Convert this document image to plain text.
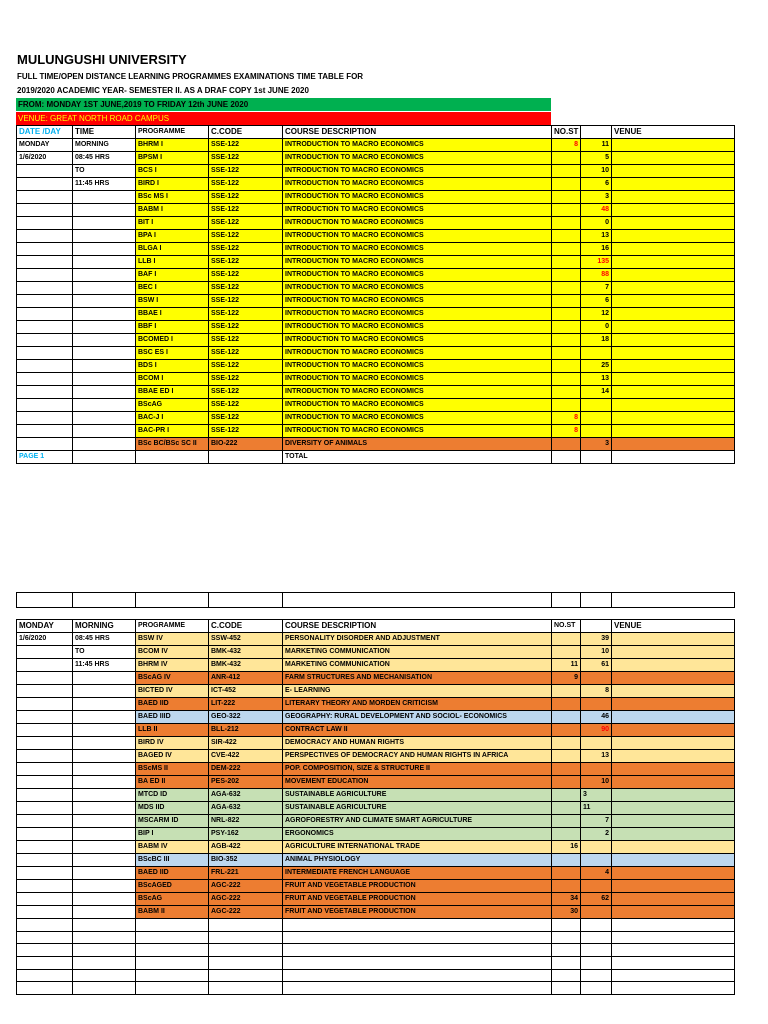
MULUNGUSHI UNIVERSITY
FULL TIME/OPEN DISTANCE LEARNING PROGRAMMES EXAMINATIONS TIME TABLE FOR
2019/2020 ACADEMIC YEAR- SEMESTER II. AS A DRAF COPY 1st JUNE 2020
FROM: MONDAY 1ST JUNE,2019 TO FRIDAY 12th JUNE 2020
VENUE: GREAT NORTH ROAD CAMPUS
DATE /DAY	TIME	PROGRAMME	C.CODE	COURSE DESCRIPTION	NO.ST		VENUE
MONDAY	MORNING	BHRM I	SSE-122	INTRODUCTION TO MACRO ECONOMICS	8	11	
1/6/2020	08:45 HRS	BPSM I	SSE-122	INTRODUCTION TO MACRO ECONOMICS		5	
	TO	BCS I	SSE-122	INTRODUCTION TO MACRO ECONOMICS		10	
	11:45 HRS	BIRD I	SSE-122	INTRODUCTION TO MACRO ECONOMICS		6	
		BSc MS I	SSE-122	INTRODUCTION TO MACRO ECONOMICS		3	
		BABM I	SSE-122	INTRODUCTION TO MACRO ECONOMICS		48	
		BIT I	SSE-122	INTRODUCTION TO MACRO ECONOMICS		0	
		BPA I	SSE-122	INTRODUCTION TO MACRO ECONOMICS		13	
		BLGA I	SSE-122	INTRODUCTION TO MACRO ECONOMICS		16	
		LLB I	SSE-122	INTRODUCTION TO MACRO ECONOMICS		135	
		BAF I	SSE-122	INTRODUCTION TO MACRO ECONOMICS		88	
		BEC I	SSE-122	INTRODUCTION TO MACRO ECONOMICS		7	
		BSW I	SSE-122	INTRODUCTION TO MACRO ECONOMICS		6	
		BBAE I	SSE-122	INTRODUCTION TO MACRO ECONOMICS		12	
		BBF I	SSE-122	INTRODUCTION TO MACRO ECONOMICS		0	
		BCOMED I	SSE-122	INTRODUCTION TO MACRO ECONOMICS		18	
		BSC ES I	SSE-122	INTRODUCTION TO MACRO ECONOMICS			
		BDS I	SSE-122	INTRODUCTION TO MACRO ECONOMICS		25	
		BCOM I	SSE-122	INTRODUCTION TO MACRO ECONOMICS		13	
		BBAE ED I	SSE-122	INTRODUCTION TO MACRO ECONOMICS		14	
		BScAG	SSE-122	INTRODUCTION TO MACRO ECONOMICS			
		BAC-J I	SSE-122	INTRODUCTION TO MACRO ECONOMICS	8		
		BAC-PR I	SSE-122	INTRODUCTION TO MACRO ECONOMICS	8		
		BSc BC/BSc SC II	BIO-222	DIVERSITY OF ANIMALS		3	
PAGE 1				TOTAL			

MONDAY	MORNING	PROGRAMME	C.CODE	COURSE DESCRIPTION	NO.ST		VENUE
1/6/2020	08:45 HRS	BSW IV	SSW-452	PERSONALITY DISORDER AND ADJUSTMENT		39	
	TO	BCOM IV	BMK-432	MARKETING COMMUNICATION		10	
	11:45 HRS	BHRM IV	BMK-432	MARKETING COMMUNICATION	11	61	
		BScAG IV	ANR-412	FARM STRUCTURES AND MECHANISATION	9		
		BICTED IV	ICT-452	E- LEARNING		8	
		BAED IID	LIT-222	LITERARY THEORY AND MORDEN CRITICISM			
		BAED IIID	GEO-322	GEOGRAPHY: RURAL DEVELOPMENT AND SOCIOL- ECONOMICS		46	
		LLB II	BLL-212	CONTRACT LAW II		90	
		BIRD IV	SIR-422	DEMOCRACY AND HUMAN RIGHTS			
		BAGED IV	CVE-422	PERSPECTIVES OF DEMOCRACY AND HUMAN RIGHTS IN AFRICA		13	
		BScMS II	DEM-222	POP. COMPOSITION, SIZE & STRUCTURE II			
		BA ED II	PES-202	MOVEMENT EDUCATION		10	
		MTCD ID	AGA-632	SUSTAINABLE AGRICULTURE		3	
		MDS IID	AGA-632	SUSTAINABLE AGRICULTURE		11	
		MSCARM ID	NRL-822	AGROFORESTRY AND CLIMATE SMART AGRICULTURE		7	
		BIP I	PSY-162	ERGONOMICS		2	
		BABM IV	AGB-422	AGRICULTURE INTERNATIONAL TRADE	16		
		BScBC III	BIO-352	ANIMAL PHYSIOLOGY			
		BAED IID	FRL-221	INTERMEDIATE FRENCH LANGUAGE		4	
		BScAGED	AGC-222	FRUIT AND VEGETABLE PRODUCTION			
		BScAG	AGC-222	FRUIT AND VEGETABLE PRODUCTION	34	62	
		BABM II	AGC-222	FRUIT AND VEGETABLE PRODUCTION	30		
